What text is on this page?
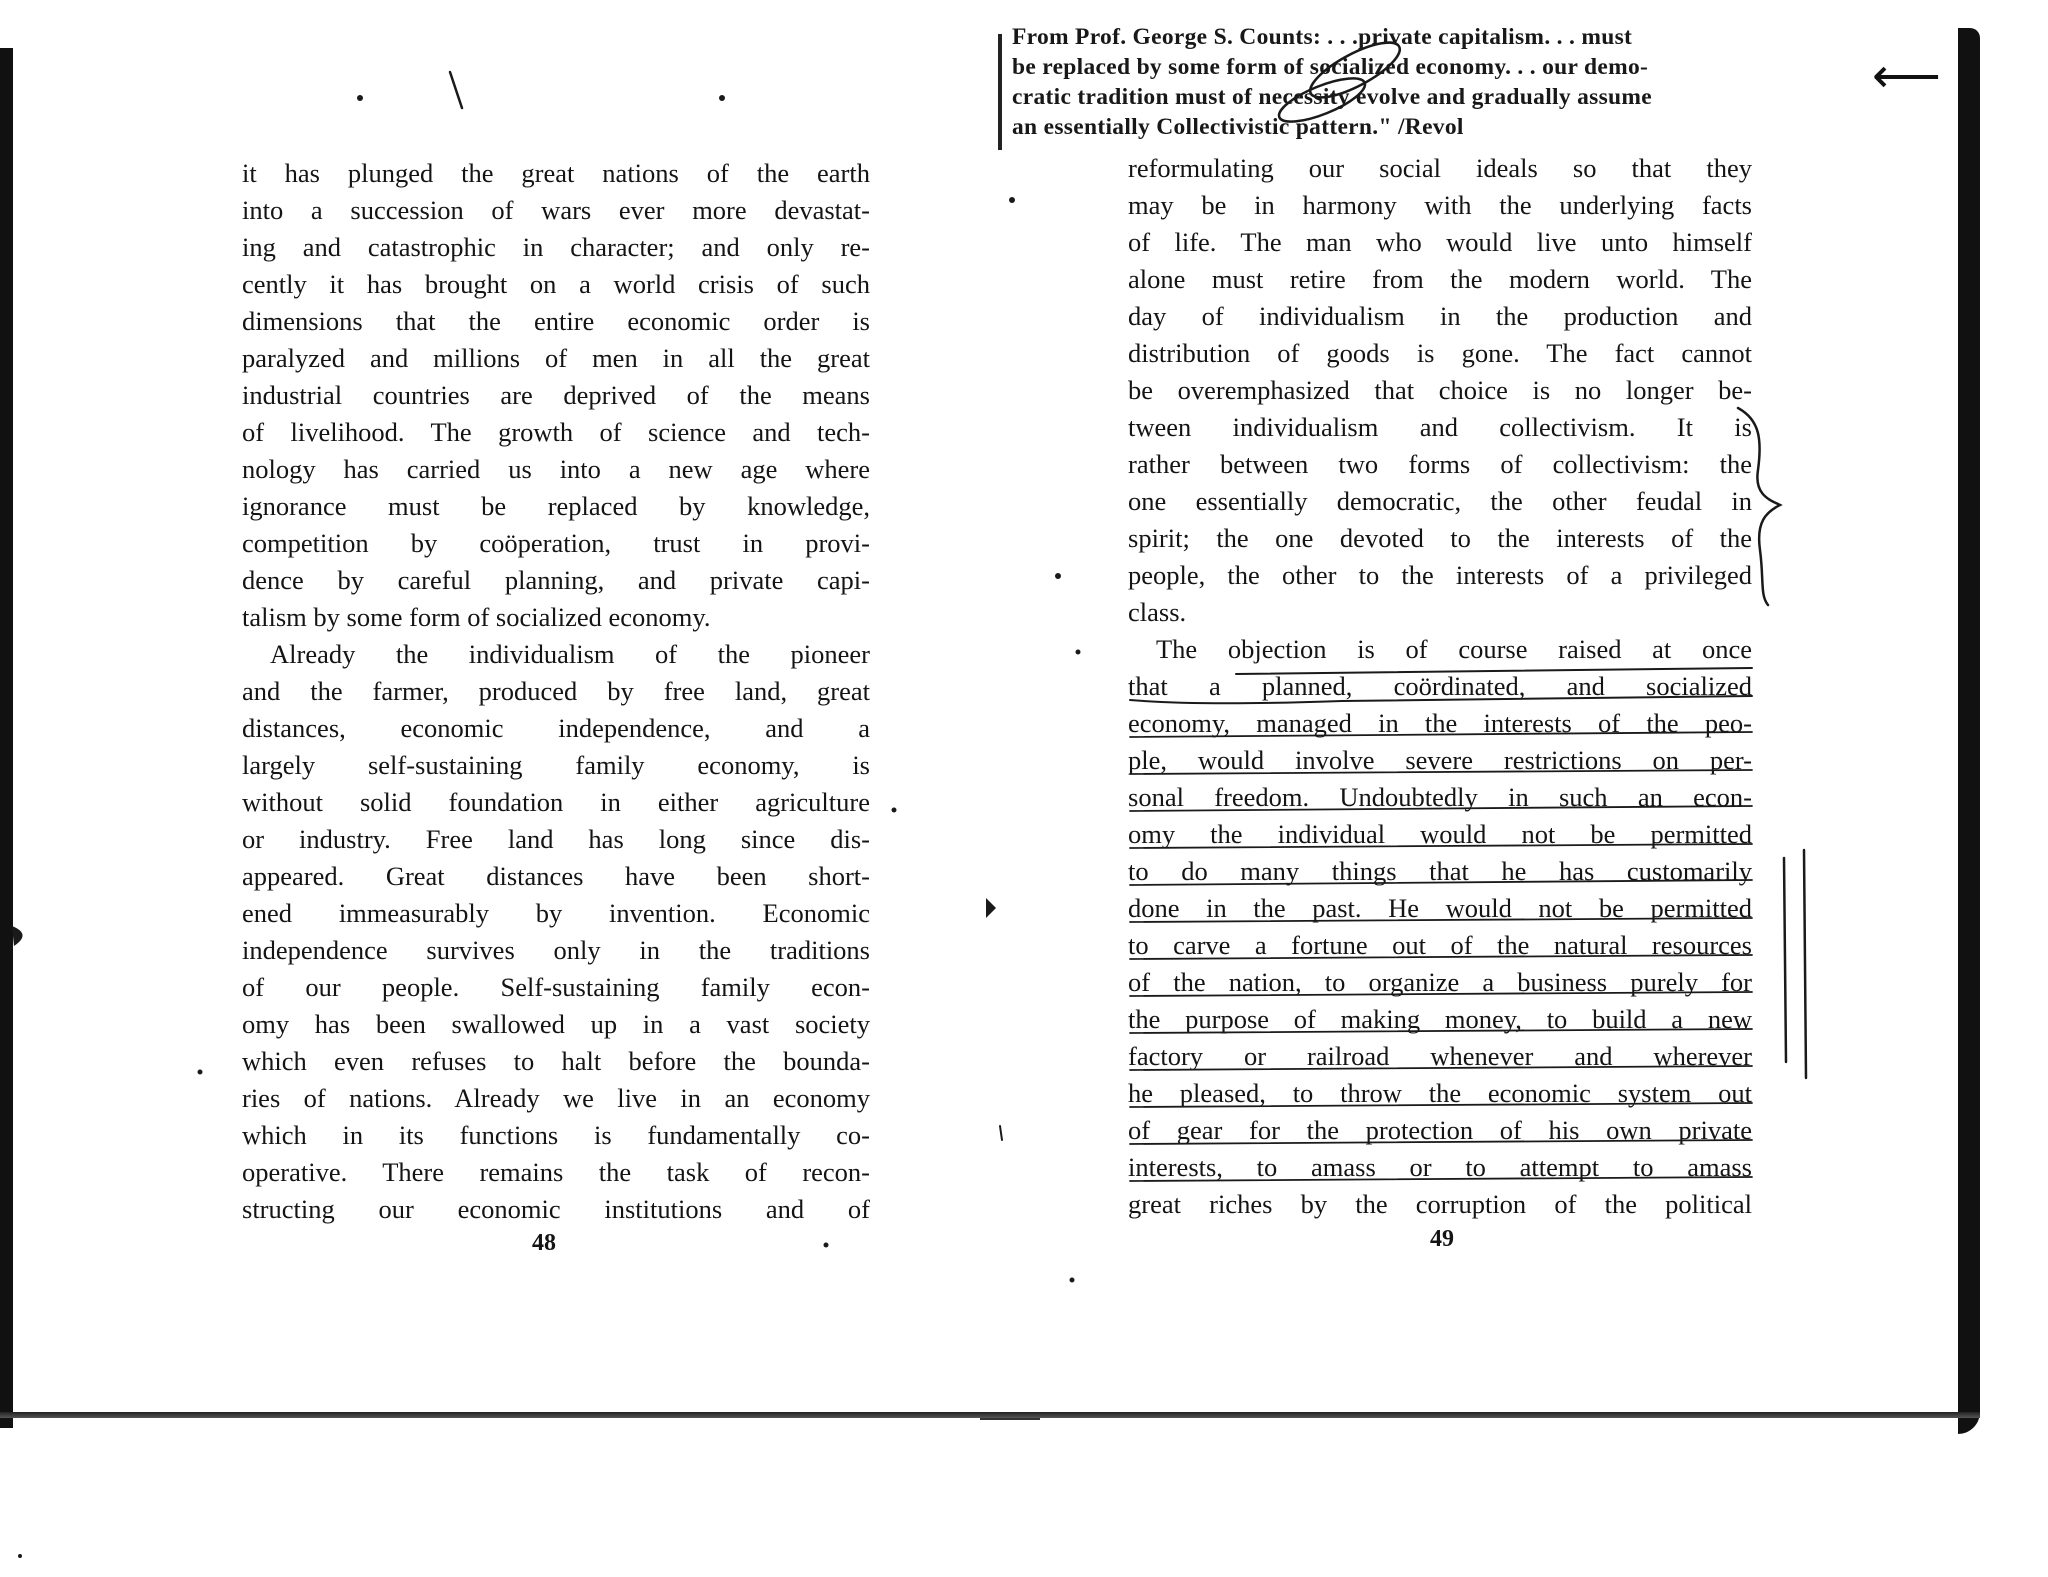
From Prof. George S. Counts: . . .private capitalism. . . must
be replaced by some form of socialized economy. . . our demo-
cratic tradition must of necessity evolve and gradually assume
an essentially Collectivistic pattern." /Revol
⟵

it has plunged the great nations of the earth
into a succession of wars ever more devastat-
ing and catastrophic in character; and only re-
cently it has brought on a world crisis of such
dimensions that the entire economic order is
paralyzed and millions of men in all the great
industrial countries are deprived of the means
of livelihood. The growth of science and tech-
nology has carried us into a new age where
ignorance must be replaced by knowledge,
competition by coöperation, trust in provi-
dence by careful planning, and private capi-
talism by some form of socialized economy.
Already the individualism of the pioneer
and the farmer, produced by free land, great
distances, economic independence, and a
largely self-sustaining family economy, is
without solid foundation in either agriculture
or industry. Free land has long since dis-
appeared. Great distances have been short-
ened immeasurably by invention. Economic
independence survives only in the traditions
of our people. Self-sustaining family econ-
omy has been swallowed up in a vast society
which even refuses to halt before the bounda-
ries of nations. Already we live in an economy
which in its functions is fundamentally co-
operative. There remains the task of recon-
structing our economic institutions and of

48

reformulating our social ideals so that they
may be in harmony with the underlying facts
of life. The man who would live unto himself
alone must retire from the modern world. The
day of individualism in the production and
distribution of goods is gone. The fact cannot
be overemphasized that choice is no longer be-
tween individualism and collectivism. It is
rather between two forms of collectivism: the
one essentially democratic, the other feudal in
spirit; the one devoted to the interests of the
people, the other to the interests of a privileged
class.
The objection is of course raised at once
that a planned, coördinated, and socialized
economy, managed in the interests of the peo-
ple, would involve severe restrictions on per-
sonal freedom. Undoubtedly in such an econ-
omy the individual would not be permitted
to do many things that he has customarily
done in the past. He would not be permitted
to carve a fortune out of the natural resources
of the nation, to organize a business purely for
the purpose of making money, to build a new
factory or railroad whenever and wherever
he pleased, to throw the economic system out
of gear for the protection of his own private
interests, to amass or to attempt to amass
great riches by the corruption of the political

49
